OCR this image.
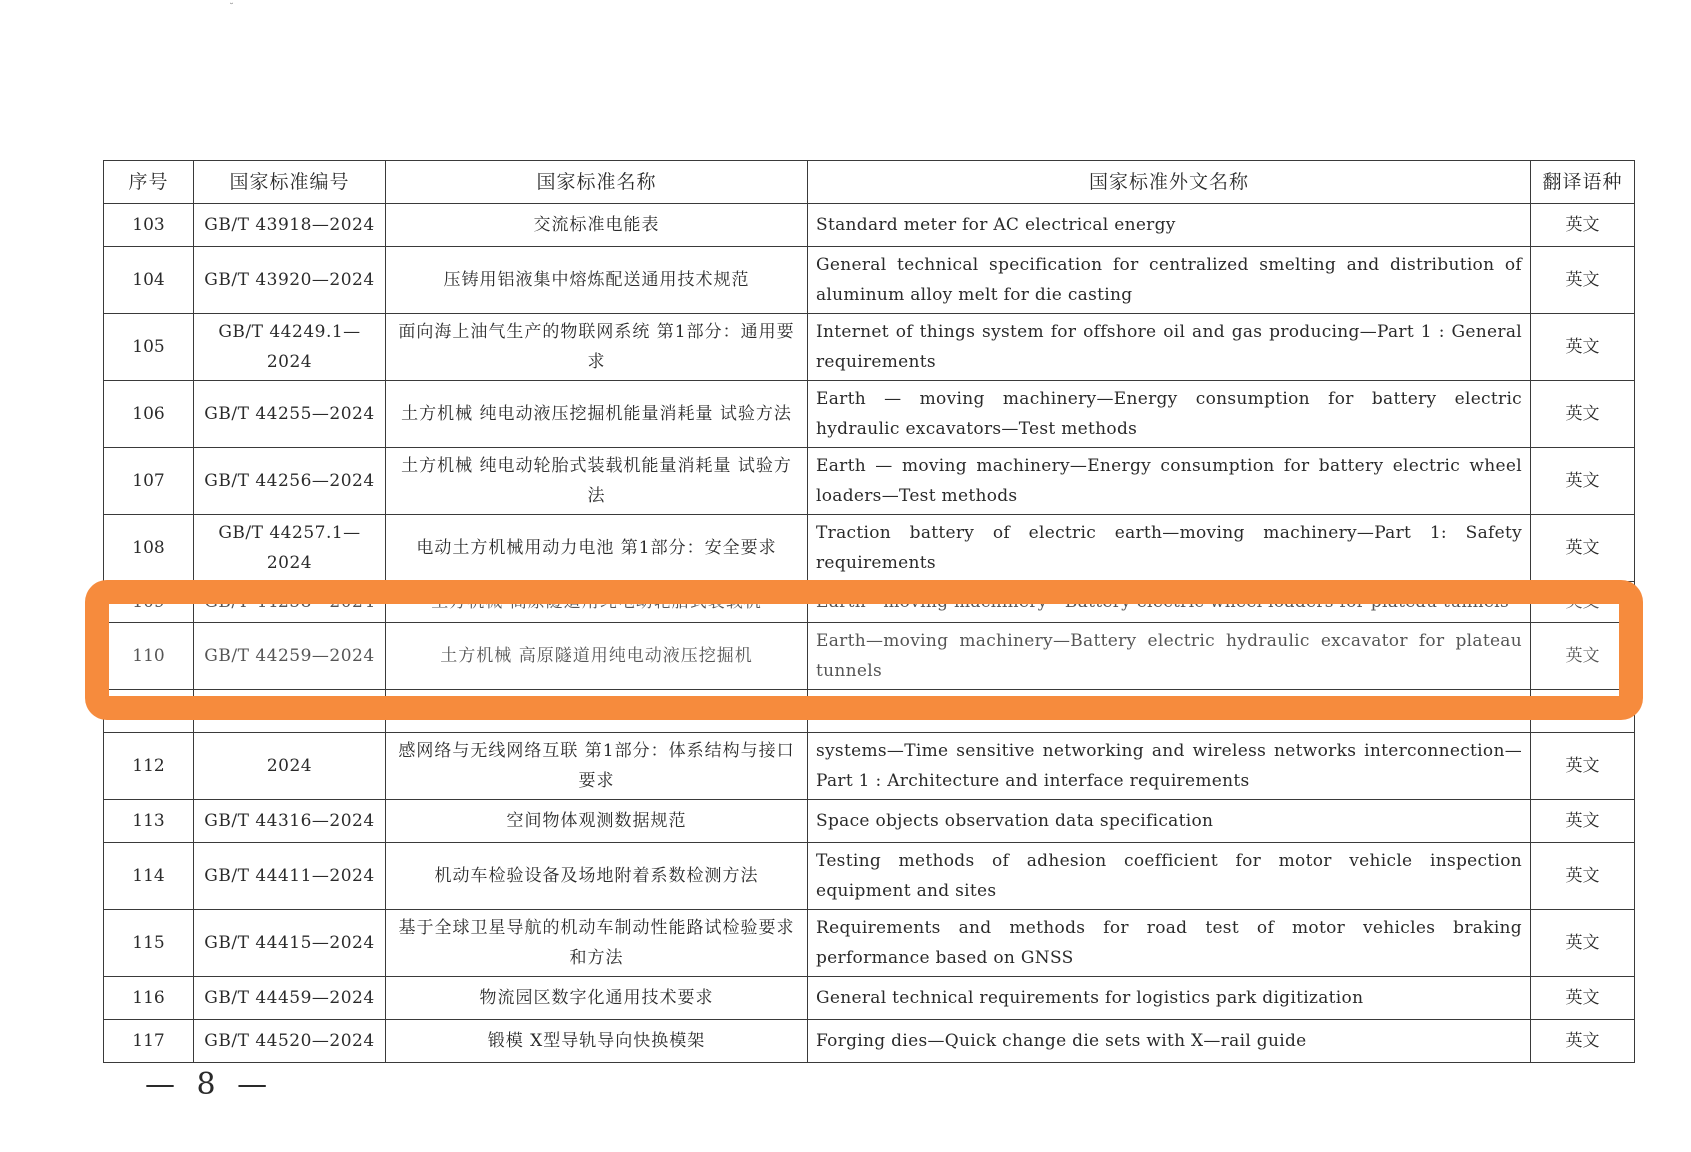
˘
序号	国家标准编号	国家标准名称	国家标准外文名称	翻译语种
103	GB/T 43918—2024	交流标准电能表	Standard meter for AC electrical energy	英文
104	GB/T 43920—2024	压铸用铝液集中熔炼配送通用技术规范	General technical specification for centralized smelting and distribution of aluminum alloy melt for die casting	英文
105	GB/T 44249.1—2024	面向海上油气生产的物联网系统 第1部分：通用要求	Internet of things system for offshore oil and gas producing—Part 1 : General requirements	英文
106	GB/T 44255—2024	土方机械 纯电动液压挖掘机能量消耗量 试验方法	Earth — moving machinery—Energy consumption for battery electric hydraulic excavators—Test methods	英文
107	GB/T 44256—2024	土方机械 纯电动轮胎式装载机能量消耗量 试验方法	Earth — moving machinery—Energy consumption for battery electric wheel loaders—Test methods	英文
108	GB/T 44257.1—2024	电动土方机械用动力电池 第1部分：安全要求	Traction battery of electric earth—moving machinery—Part 1: Safety requirements	英文
109	GB/T 44258—2024	土方机械 高原隧道用纯电动轮胎式装载机	Earth—moving machinery—Battery electric wheel loaders for plateau tunnels	英文
110	GB/T 44259—2024	土方机械 高原隧道用纯电动液压挖掘机	Earth—moving machinery—Battery electric hydraulic excavator for plateau tunnels	英文
111	GB/T 44264—2024	光伏组件清洁机器人通用技术条件	General specifications of photovoltaic module cleaning robots	英文
112	2024	感网络与无线网络互联 第1部分：体系结构与接口要求	systems—Time sensitive networking and wireless networks interconnection— Part 1 : Architecture and interface requirements	英文
113	GB/T 44316—2024	空间物体观测数据规范	Space objects observation data specification	英文
114	GB/T 44411—2024	机动车检验设备及场地附着系数检测方法	Testing methods of adhesion coefficient for motor vehicle inspection equipment and sites	英文
115	GB/T 44415—2024	基于全球卫星导航的机动车制动性能路试检验要求和方法	Requirements and methods for road test of motor vehicles braking performance based on GNSS	英文
116	GB/T 44459—2024	物流园区数字化通用技术要求	General technical requirements for logistics park digitization	英文
117	GB/T 44520—2024	锻模 X型导轨导向快换模架	Forging dies—Quick change die sets with X—rail guide	英文
— 8 —
